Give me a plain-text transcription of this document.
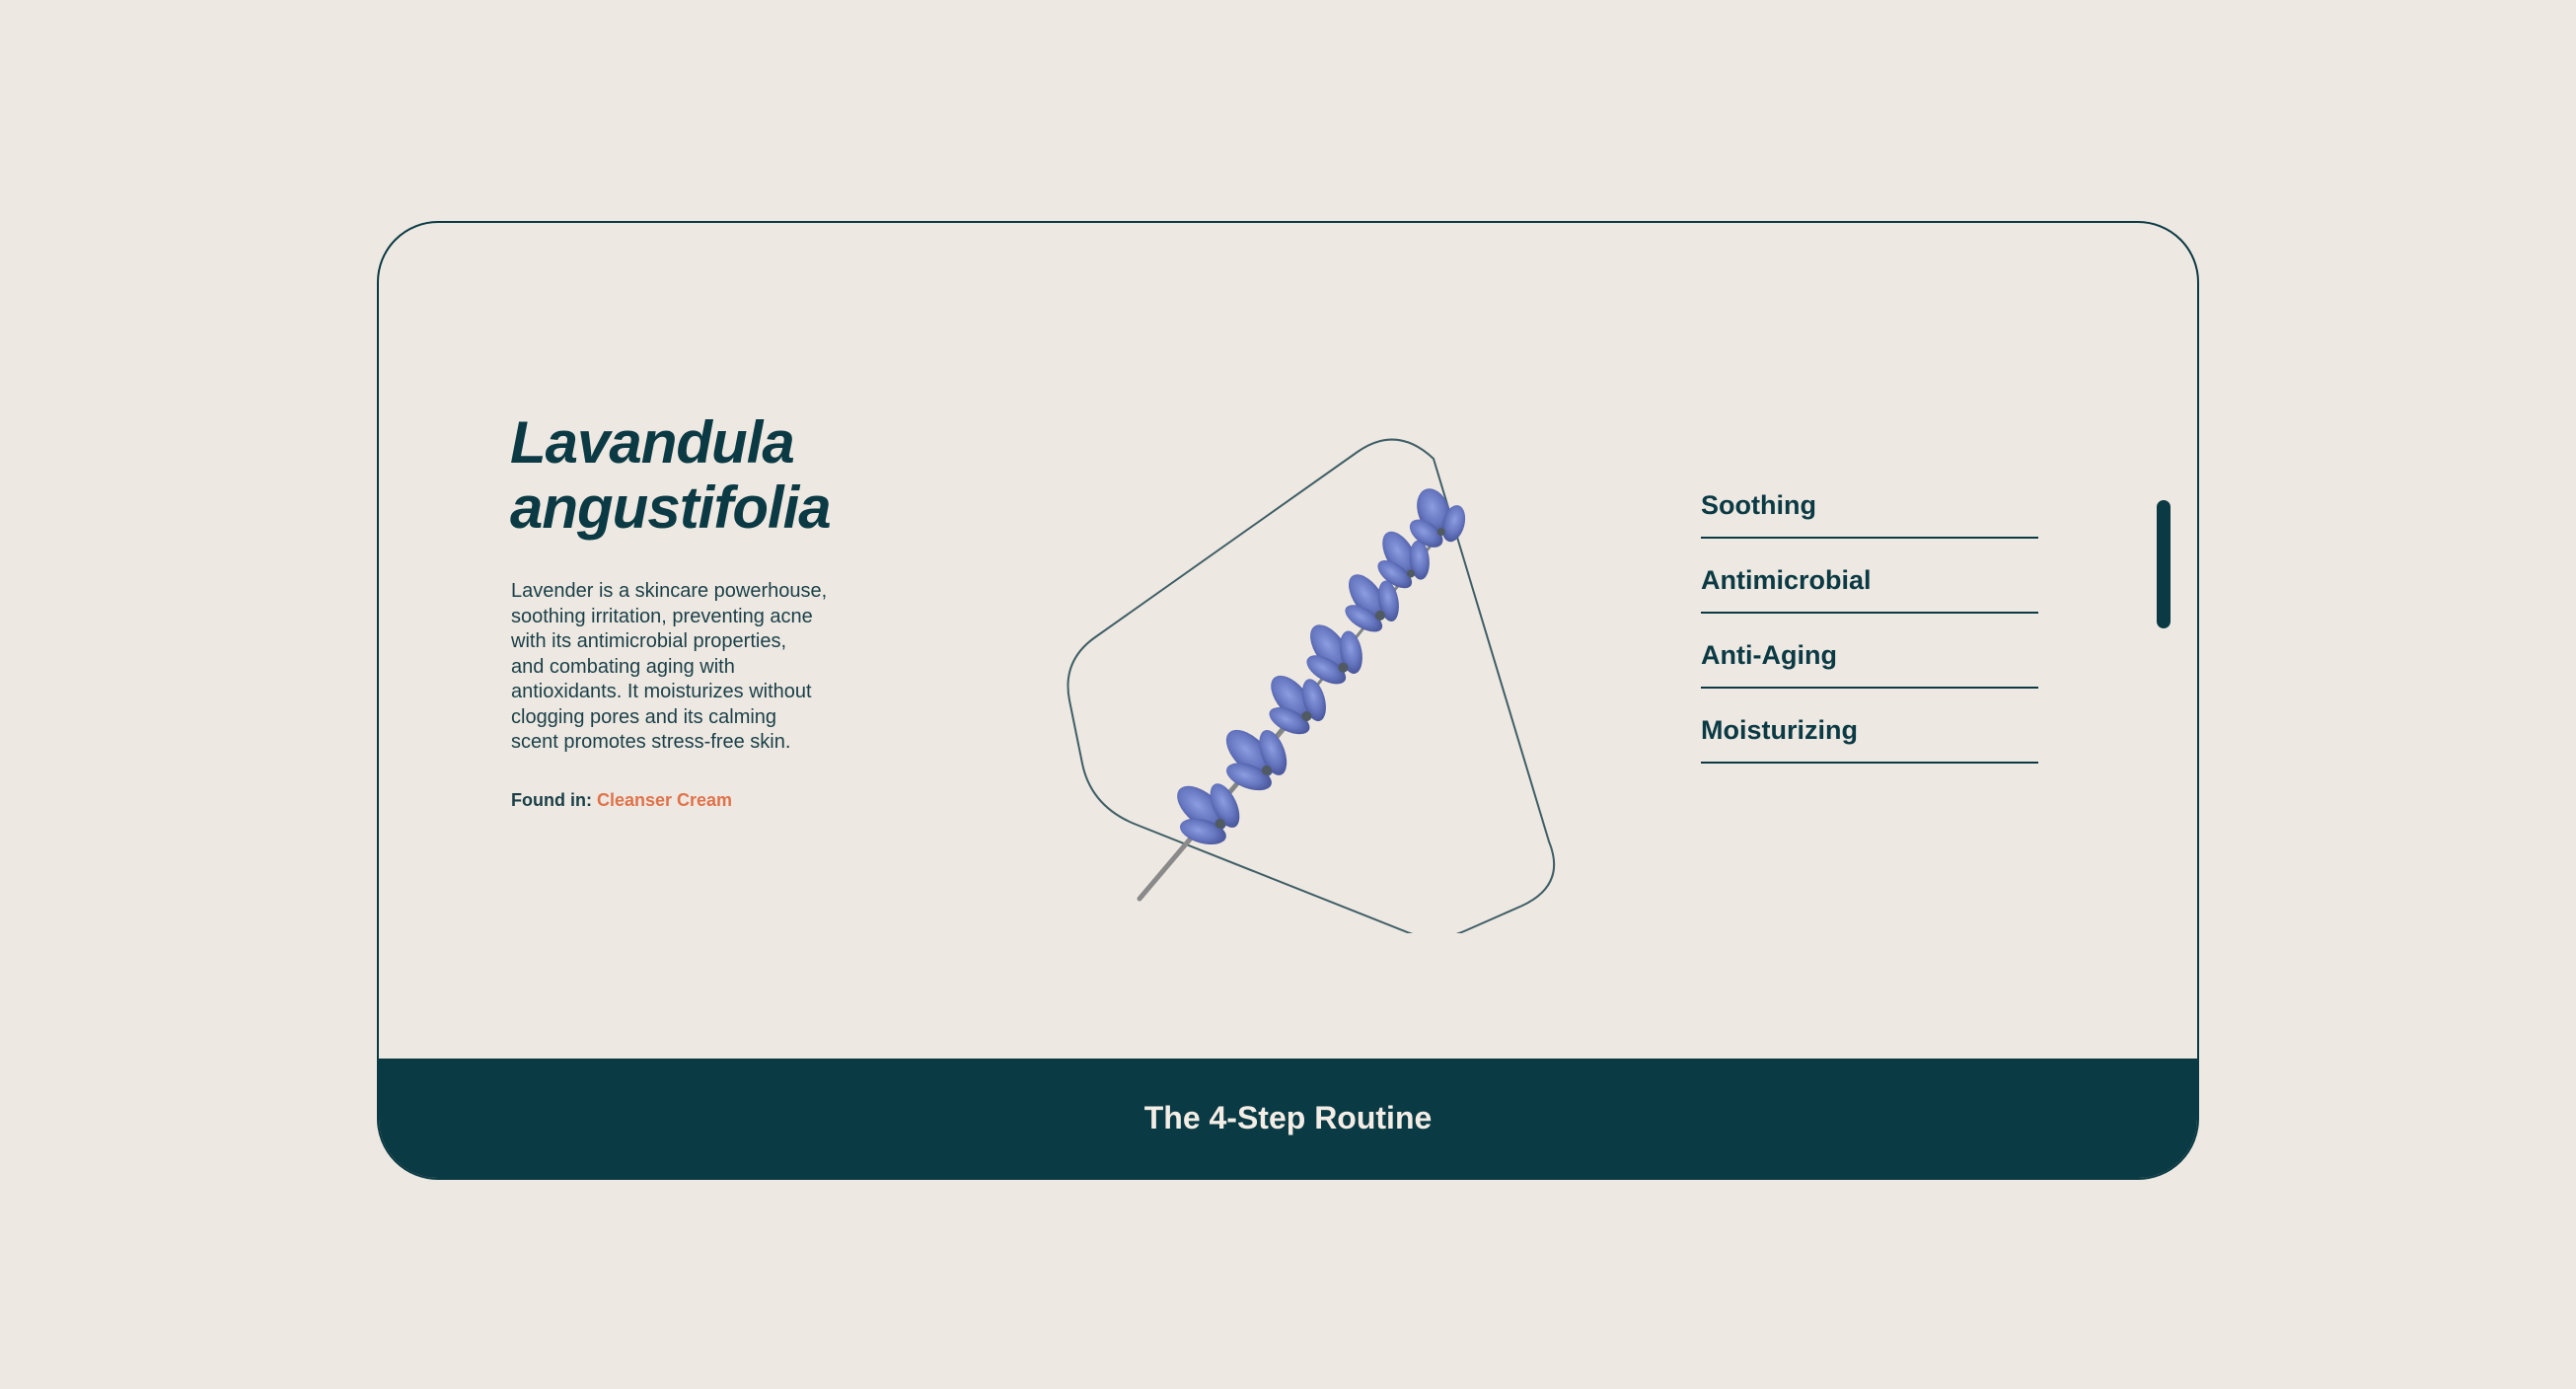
Lavandula
angustifolia

Lavender is a skincare powerhouse,
soothing irritation, preventing acne
with its antimicrobial properties,
and combating aging with
antioxidants. It moisturizes without
clogging pores and its calming
scent promotes stress-free skin.

Found in: Cleanser Cream
Soothing
Antimicrobial
Anti-Aging
Moisturizing
The 4-Step Routine
